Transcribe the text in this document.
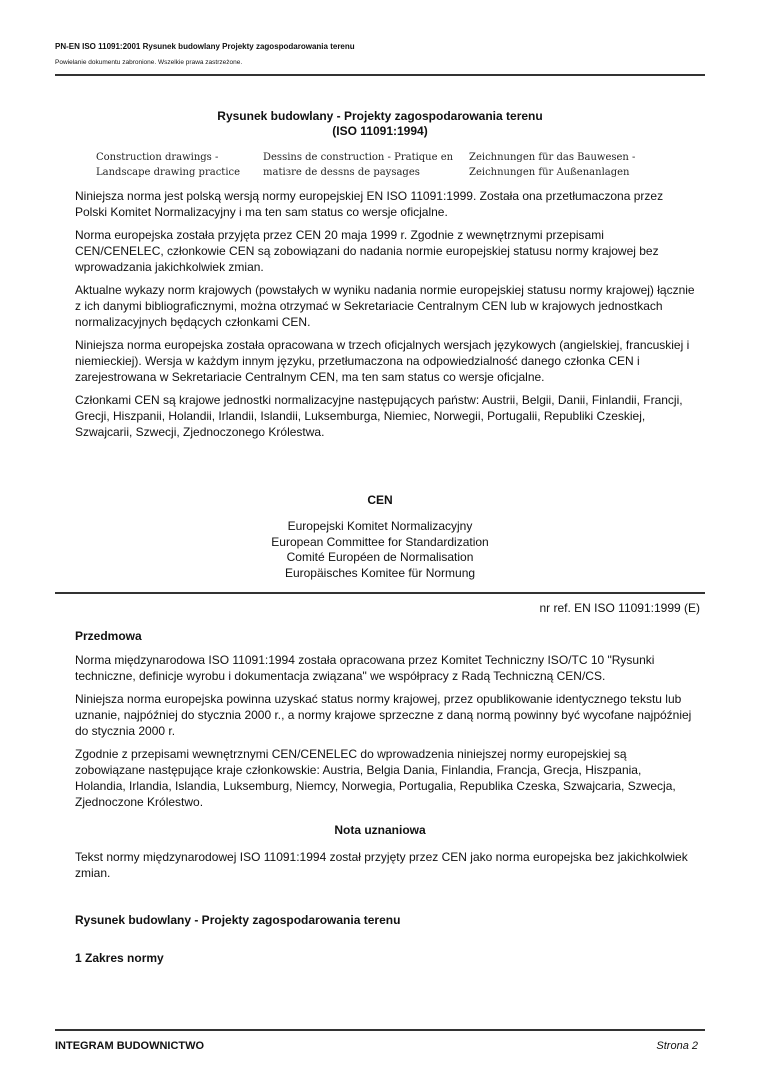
PN-EN ISO 11091:2001 Rysunek budowlany Projekty zagospodarowania terenu
Powielanie dokumentu zabronione. Wszelkie prawa zastrzeżone.
Rysunek budowlany - Projekty zagospodarowania terenu
(ISO 11091:1994)
Construction drawings -
Landscape drawing practice
Dessins de construction - Pratique en
matiзre de dessns de paysages
Zeichnungen für das Bauwesen -
Zeichnungen für Außenanlagen

Niniejsza norma jest polską wersją normy europejskiej EN ISO 11091:1999. Została ona przetłumaczona przez Polski Komitet Normalizacyjny i ma ten sam status co wersje oficjalne.

Norma europejska została przyjęta przez CEN 20 maja 1999 r. Zgodnie z wewnętrznymi przepisami CEN/CENELEC, członkowie CEN są zobowiązani do nadania normie europejskiej statusu normy krajowej bez wprowadzania jakichkolwiek zmian.

Aktualne wykazy norm krajowych (powstałych w wyniku nadania normie europejskiej statusu normy krajowej) łącznie z ich danymi bibliograficznymi, można otrzymać w Sekretariacie Centralnym CEN lub w krajowych jednostkach normalizacyjnych będących członkami CEN.

Niniejsza norma europejska została opracowana w trzech oficjalnych wersjach językowych (angielskiej, francuskiej i niemieckiej). Wersja w każdym innym języku, przetłumaczona na odpowiedzialność danego członka CEN i zarejestrowana w Sekretariacie Centralnym CEN, ma ten sam status co wersje oficjalne.

Członkami CEN są krajowe jednostki normalizacyjne następujących państw: Austrii, Belgii, Danii, Finlandii, Francji, Grecji, Hiszpanii, Holandii, Irlandii, Islandii, Luksemburga, Niemiec, Norwegii, Portugalii, Republiki Czeskiej, Szwajcarii, Szwecji, Zjednoczonego Królestwa.

CEN
Europejski Komitet Normalizacyjny
European Committee for Standardization
Comité Européen de Normalisation
Europäisches Komitee für Normung
nr ref. EN ISO 11091:1999 (E)
Przedmowa

Norma międzynarodowa ISO 11091:1994 została opracowana przez Komitet Techniczny ISO/TC 10 "Rysunki techniczne, definicje wyrobu i dokumentacja związana" we współpracy z Radą Techniczną CEN/CS.

Niniejsza norma europejska powinna uzyskać status normy krajowej, przez opublikowanie identycznego tekstu lub uznanie, najpóźniej do stycznia 2000 r., a normy krajowe sprzeczne z daną normą powinny być wycofane najpóźniej do stycznia 2000 r.

Zgodnie z przepisami wewnętrznymi CEN/CENELEC do wprowadzenia niniejszej normy europejskiej są zobowiązane następujące kraje członkowskie: Austria, Belgia Dania, Finlandia, Francja, Grecja, Hiszpania, Holandia, Irlandia, Islandia, Luksemburg, Niemcy, Norwegia, Portugalia, Republika Czeska, Szwajcaria, Szwecja, Zjednoczone Królestwo.

Nota uznaniowa
Tekst normy międzynarodowej ISO 11091:1994 został przyjęty przez CEN jako norma europejska bez jakichkolwiek zmian.
Rysunek budowlany - Projekty zagospodarowania terenu
1 Zakres normy
INTEGRAM BUDOWNICTWO	Strona 2
